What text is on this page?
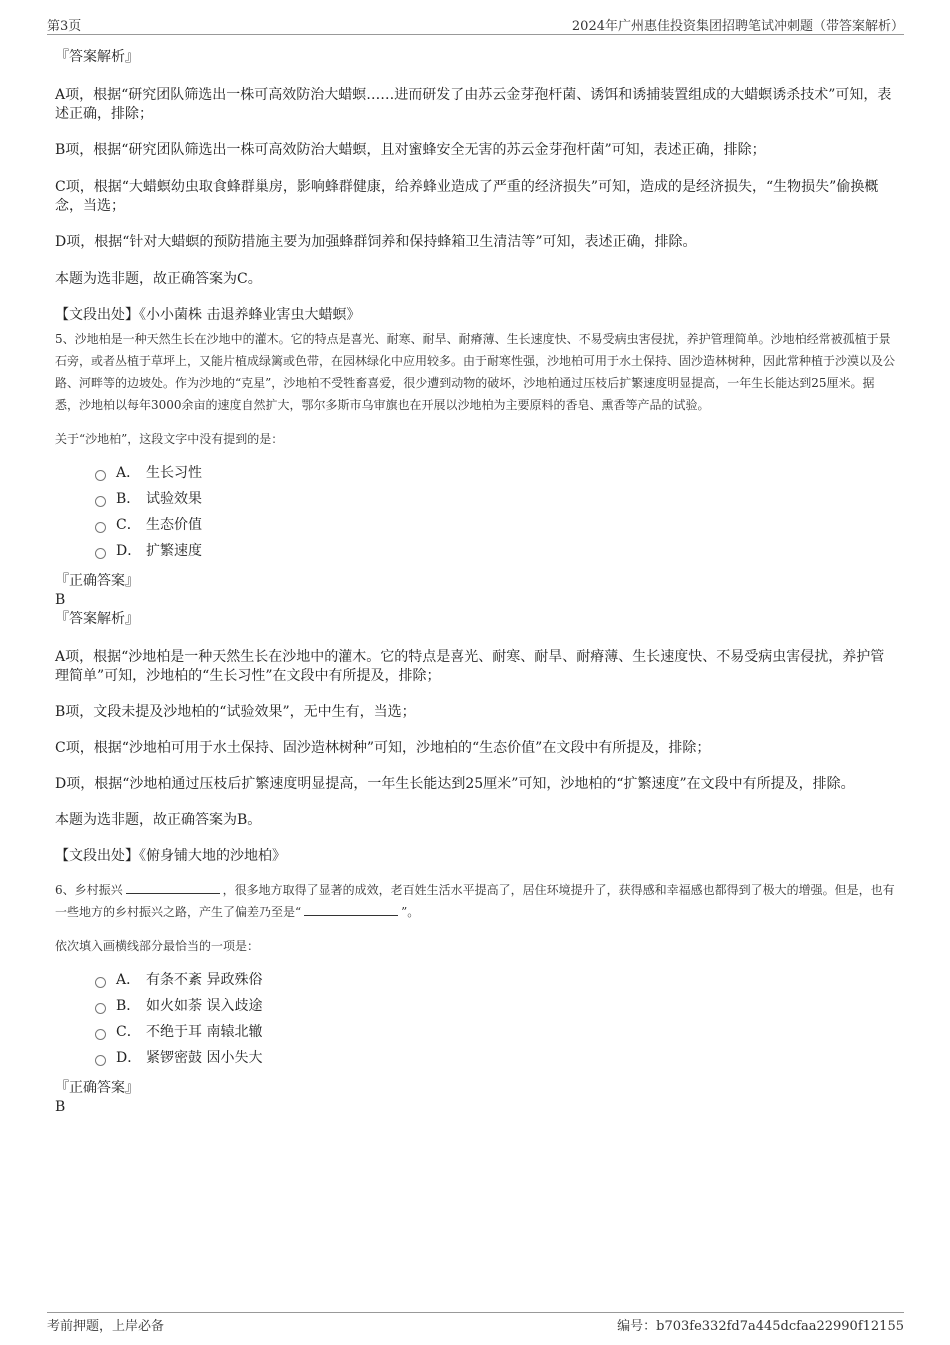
第3页	2024年广州惠佳投资集团招聘笔试冲刺题（带答案解析）

『答案解析』

A项，根据“研究团队筛选出一株可高效防治大蜡螟……进而研发了由苏云金芽孢杆菌、诱饵和诱捕装置组成的大蜡螟诱杀技术”可知，表述正确，排除；

B项，根据“研究团队筛选出一株可高效防治大蜡螟，且对蜜蜂安全无害的苏云金芽孢杆菌”可知，表述正确，排除；

C项，根据“大蜡螟幼虫取食蜂群巢房，影响蜂群健康，给养蜂业造成了严重的经济损失”可知，造成的是经济损失，“生物损失”偷换概念，当选；

D项，根据“针对大蜡螟的预防措施主要为加强蜂群饲养和保持蜂箱卫生清洁等”可知，表述正确，排除。

本题为选非题，故正确答案为C。

【文段出处】《小小菌株 击退养蜂业害虫大蜡螟》

5、沙地柏是一种天然生长在沙地中的灌木。它的特点是喜光、耐寒、耐旱、耐瘠薄、生长速度快、不易受病虫害侵扰，养护管理简单。沙地柏经常被孤植于景石旁，或者丛植于草坪上，又能片植成绿篱或色带，在园林绿化中应用较多。由于耐寒性强，沙地柏可用于水土保持、固沙造林树种，因此常种植于沙漠以及公路、河畔等的边坡处。作为沙地的“克星”，沙地柏不受牲畜喜爱，很少遭到动物的破坏，沙地柏通过压枝后扩繁速度明显提高，一年生长能达到25厘米。据悉，沙地柏以每年3000余亩的速度自然扩大，鄂尔多斯市乌审旗也在开展以沙地柏为主要原料的香皂、熏香等产品的试验。

关于“沙地柏”，这段文字中没有提到的是：

A． 生长习性
B． 试验效果
C． 生态价值
D． 扩繁速度

『正确答案』

B

『答案解析』

A项，根据“沙地柏是一种天然生长在沙地中的灌木。它的特点是喜光、耐寒、耐旱、耐瘠薄、生长速度快、不易受病虫害侵扰，养护管理简单”可知，沙地柏的“生长习性”在文段中有所提及，排除；

B项，文段未提及沙地柏的“试验效果”，无中生有，当选；

C项，根据“沙地柏可用于水土保持、固沙造林树种”可知，沙地柏的“生态价值”在文段中有所提及，排除；

D项，根据“沙地柏通过压枝后扩繁速度明显提高，一年生长能达到25厘米”可知，沙地柏的“扩繁速度”在文段中有所提及，排除。

本题为选非题，故正确答案为B。

【文段出处】《俯身铺大地的沙地柏》

6、乡村振兴	，很多地方取得了显著的成效，老百姓生活水平提高了，居住环境提升了，获得感和幸福感也都得到了极大的增强。但是，也有一些地方的乡村振兴之路，产生了偏差乃至是“	”。

依次填入画横线部分最恰当的一项是：

A． 有条不紊 异政殊俗
B． 如火如荼 误入歧途
C． 不绝于耳 南辕北辙
D． 紧锣密鼓 因小失大

『正确答案』

B

考前押题，上岸必备	编号：b703fe332fd7a445dcfaa22990f12155
